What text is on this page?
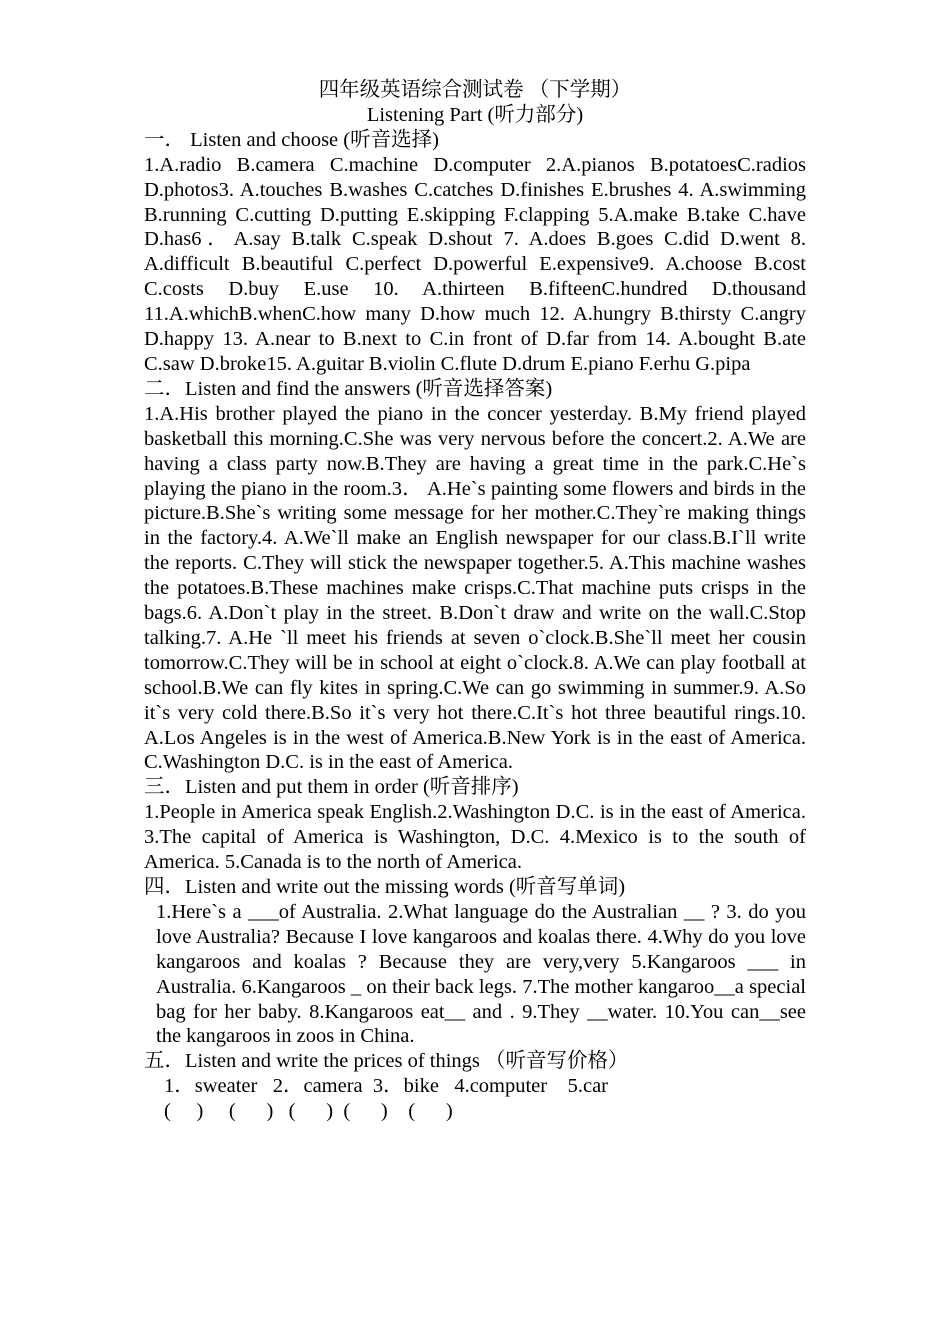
四年级英语综合测试卷 （下学期）

Listening Part (听力部分)

一． Listen and choose (听音选择)

1.A.radio B.camera C.machine D.computer 2.A.pianos B.potatoesC.radios D.photos3. A.touches B.washes C.catches D.finishes E.brushes 4. A.swimming B.running C.cutting D.putting E.skipping F.clapping 5.A.make B.take C.have D.has6．A.say B.talk C.speak D.shout 7. A.does B.goes C.did D.went 8. A.difficult B.beautiful C.perfect D.powerful E.expensive9. A.choose B.cost C.costs D.buy E.use 10. A.thirteen B.fifteenC.hundred D.thousand 11.A.whichB.whenC.how many D.how much 12. A.hungry B.thirsty C.angry D.happy 13. A.near to B.next to C.in front of D.far from 14. A.bought B.ate C.saw D.broke15. A.guitar B.violin C.flute D.drum E.piano F.erhu G.pipa

二．Listen and find the answers (听音选择答案)

1.A.His brother played the piano in the concer yesterday. B.My friend played basketball this morning.C.She was very nervous before the concert.2. A.We are having a class party now.B.They are having a great time in the park.C.He`s playing the piano in the room.3． A.He`s painting some flowers and birds in the picture.B.She`s writing some message for her mother.C.They`re making things in the factory.4. A.We`ll make an English newspaper for our class.B.I`ll write the reports. C.They will stick the newspaper together.5. A.This machine washes the potatoes.B.These machines make crisps.C.That machine puts crisps in the bags.6. A.Don`t play in the street. B.Don`t draw and write on the wall.C.Stop talking.7. A.He `ll meet his friends at seven o`clock.B.She`ll meet her cousin tomorrow.C.They will be in school at eight o`clock.8. A.We can play football at school.B.We can fly kites in spring.C.We can go swimming in summer.9. A.So it`s very cold there.B.So it`s very hot there.C.It`s hot three beautiful rings.10. A.Los Angeles is in the west of America.B.New York is in the east of America. C.Washington D.C. is in the east of America.

三．Listen and put them in order (听音排序)

1.People in America speak English.2.Washington D.C. is in the east of America. 3.The capital of America is Washington, D.C. 4.Mexico is to the south of America. 5.Canada is to the north of America.

四．Listen and write out the missing words (听音写单词)

1.Here`s a ___of Australia. 2.What language do the Australian __ ? 3. do you love Australia? Because I love kangaroos and koalas there. 4.Why do you love kangaroos and koalas ? Because they are very,very 5.Kangaroos ___ in Australia. 6.Kangaroos _ on their back legs. 7.The mother kangaroo__a special bag for her baby. 8.Kangaroos eat__ and . 9.They __water. 10.You can__see the kangaroos in zoos in China.

五．Listen and write the prices of things （听音写价格）

1．sweater   2．camera  3．bike   4.computer    5.car

(     )     (      )   (      )  (      )    (      )
